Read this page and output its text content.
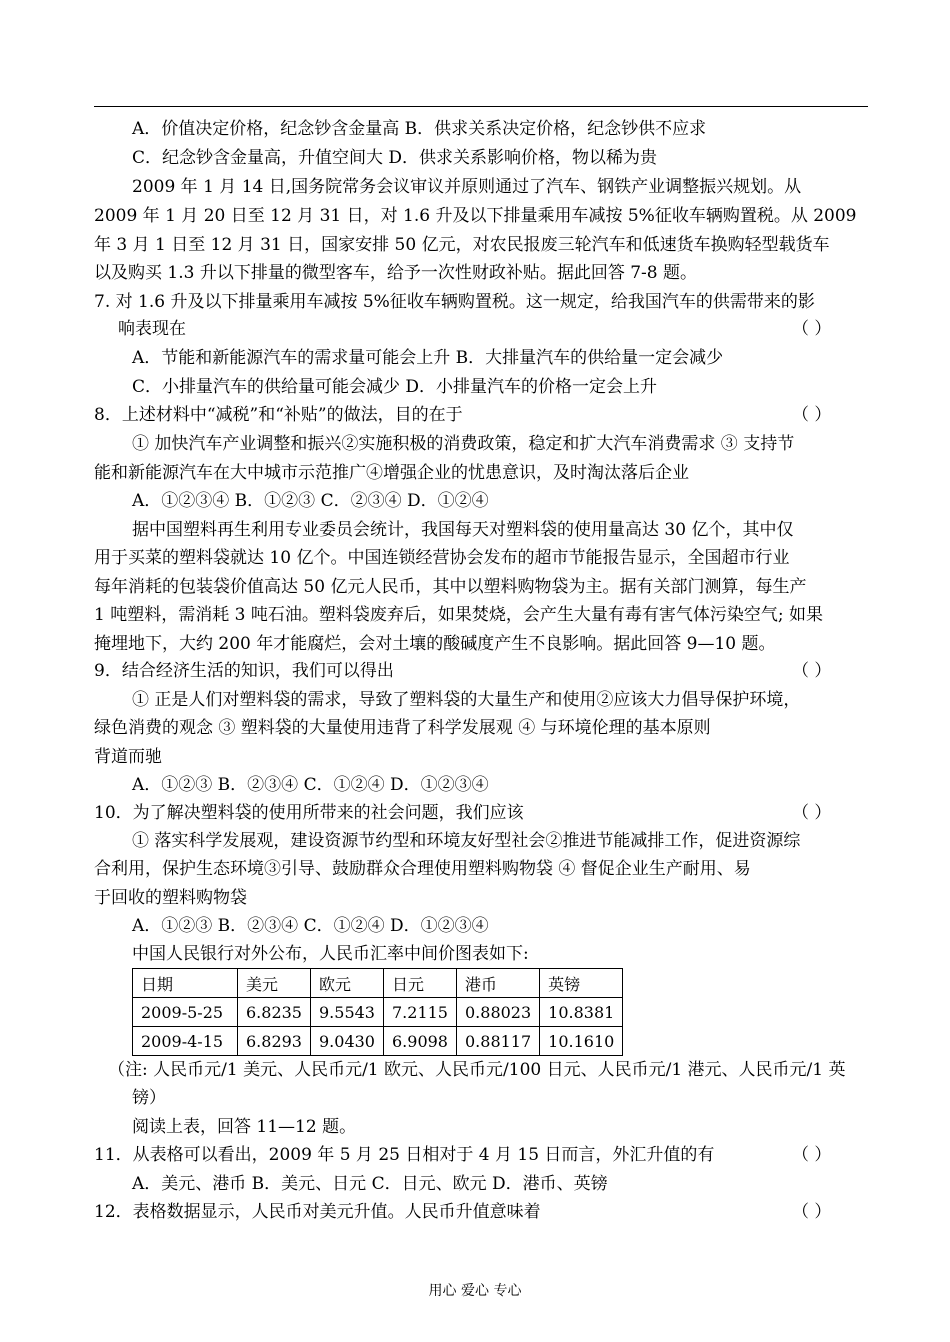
A．价值决定价格，纪念钞含金量高 B．供求关系决定价格，纪念钞供不应求
C．纪念钞含金量高，升值空间大 D．供求关系影响价格，物以稀为贵
2009 年 1 月 14 日,国务院常务会议审议并原则通过了汽车、钢铁产业调整振兴规划。从
2009 年 1 月 20 日至 12 月 31 日，对 1.6 升及以下排量乘用车减按 5%征收车辆购置税。从 2009
年 3 月 1 日至 12 月 31 日，国家安排 50 亿元，对农民报废三轮汽车和低速货车换购轻型载货车
以及购买 1.3 升以下排量的微型客车，给予一次性财政补贴。据此回答 7-8 题。
7. 对 1.6 升及以下排量乘用车减按 5%征收车辆购置税。这一规定，给我国汽车的供需带来的影
响表现在	（ ）
A．节能和新能源汽车的需求量可能会上升 B．大排量汽车的供给量一定会减少
C．小排量汽车的供给量可能会减少 D．小排量汽车的价格一定会上升
8．上述材料中“减税”和“补贴”的做法，目的在于	（ ）
① 加快汽车产业调整和振兴②实施积极的消费政策，稳定和扩大汽车消费需求 ③ 支持节
能和新能源汽车在大中城市示范推广④增强企业的忧患意识，及时淘汰落后企业
A．①②③④ B．①②③ C．②③④ D．①②④
据中国塑料再生利用专业委员会统计，我国每天对塑料袋的使用量高达 30 亿个，其中仅
用于买菜的塑料袋就达 10 亿个。中国连锁经营协会发布的超市节能报告显示，全国超市行业
每年消耗的包装袋价值高达 50 亿元人民币，其中以塑料购物袋为主。据有关部门测算，每生产
1 吨塑料，需消耗 3 吨石油。塑料袋废弃后，如果焚烧，会产生大量有毒有害气体污染空气; 如果
掩埋地下，大约 200 年才能腐烂，会对土壤的酸碱度产生不良影响。据此回答 9—10 题。
9．结合经济生活的知识，我们可以得出	（ ）
① 正是人们对塑料袋的需求，导致了塑料袋的大量生产和使用②应该大力倡导保护环境，
绿色消费的观念 ③ 塑料袋的大量使用违背了科学发展观 ④ 与环境伦理的基本原则
背道而驰
A．①②③ B．②③④ C．①②④ D．①②③④
10．为了解决塑料袋的使用所带来的社会问题，我们应该	（ ）
① 落实科学发展观，建设资源节约型和环境友好型社会②推进节能减排工作，促进资源综
合利用，保护生态环境③引导、鼓励群众合理使用塑料购物袋 ④ 督促企业生产耐用、易
于回收的塑料购物袋
A．①②③ B．②③④ C．①②④ D．①②③④
中国人民银行对外公布，人民币汇率中间价图表如下:
日期	美元	欧元	日元	港币	英镑
2009-5-25	6.8235	9.5543	7.2115	0.88023	10.8381
2009-4-15	6.8293	9.0430	6.9098	0.88117	10.1610
（注: 人民币元/1 美元、人民币元/1 欧元、人民币元/100 日元、人民币元/1 港元、人民币元/1 英
镑）
阅读上表，回答 11—12 题。
11．从表格可以看出，2009 年 5 月 25 日相对于 4 月 15 日而言，外汇升值的有	（ ）
A．美元、港币 B．美元、日元 C．日元、欧元 D．港币、英镑
12．表格数据显示，人民币对美元升值。人民币升值意味着	（ ）
用心 爱心 专心
